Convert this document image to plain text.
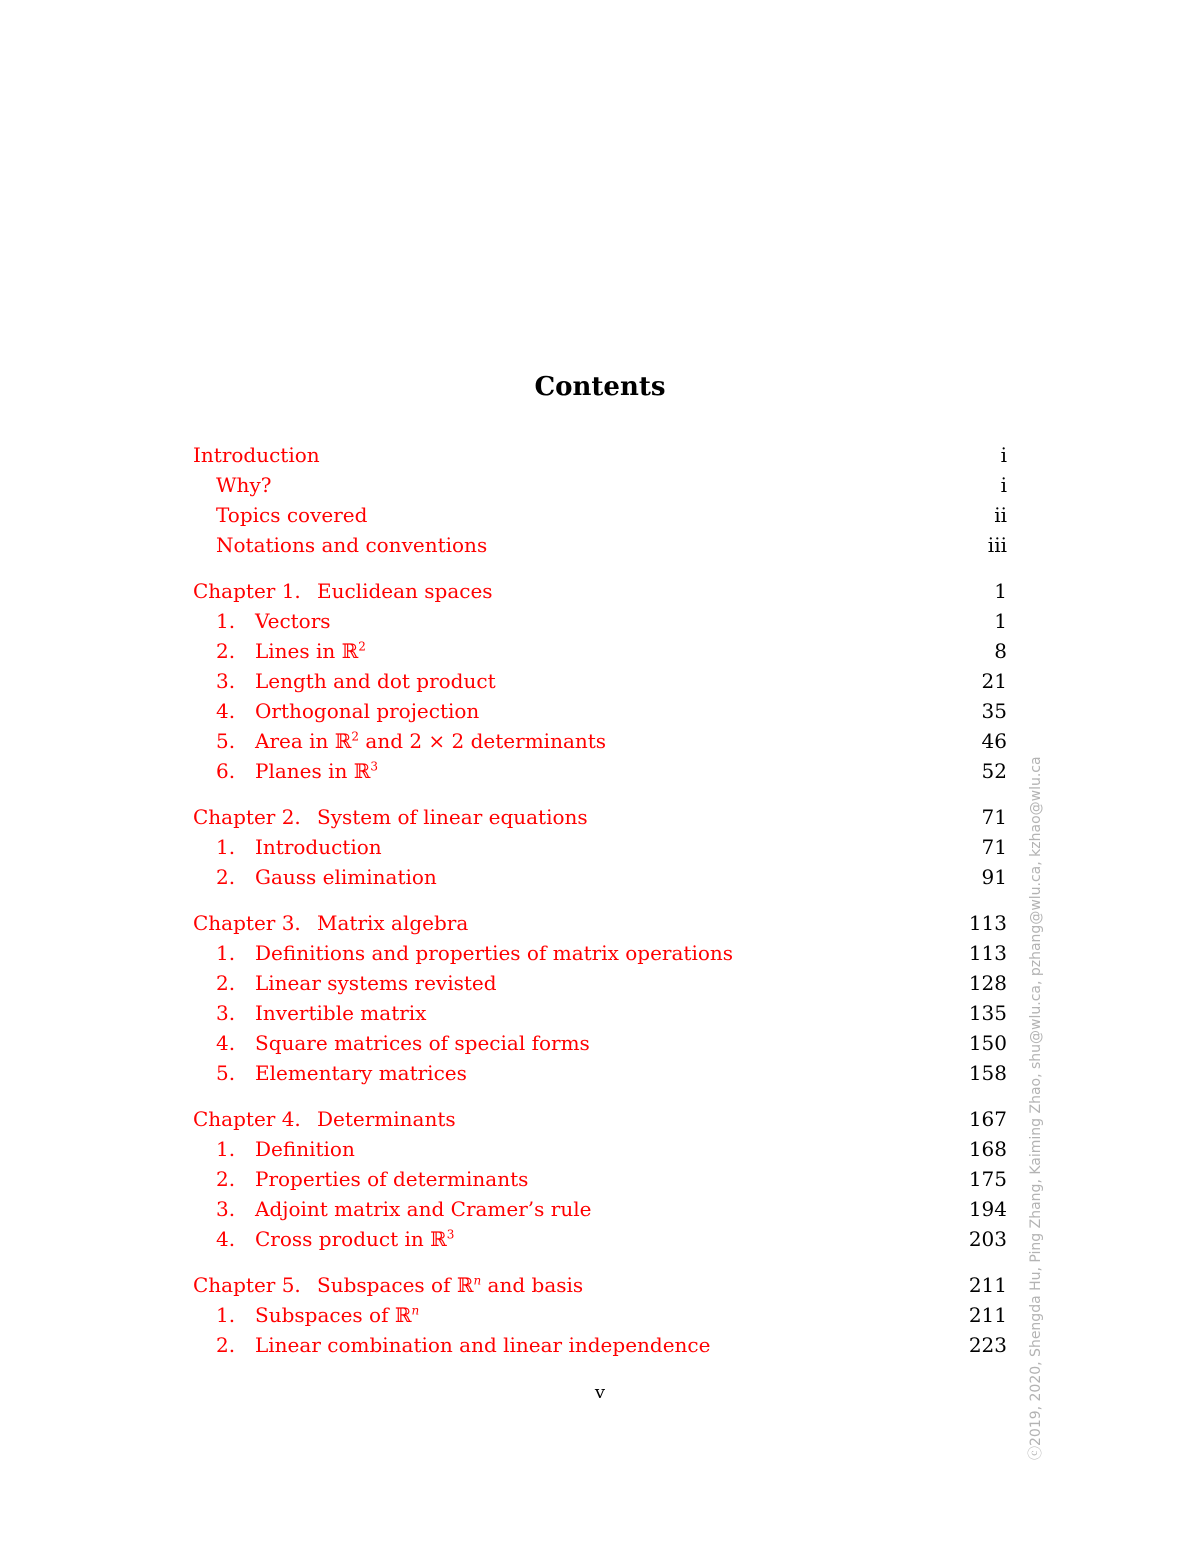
Contents
Introduction	i
Why?	i
Topics covered	ii
Notations and conventions	iii
Chapter 1. Euclidean spaces	1
1. Vectors	1
2. Lines in ℝ$^2$	8
3. Length and dot product	21
4. Orthogonal projection	35
5. Area in ℝ$^2$ and 2 × 2 determinants	46
6. Planes in ℝ$^3$	52
Chapter 2. System of linear equations	71
1. Introduction	71
2. Gauss elimination	91
Chapter 3. Matrix algebra	113
1. Definitions and properties of matrix operations	113
2. Linear systems revisted	128
3. Invertible matrix	135
4. Square matrices of special forms	150
5. Elementary matrices	158
Chapter 4. Determinants	167
1. Definition	168
2. Properties of determinants	175
3. Adjoint matrix and Cramer’s rule	194
4. Cross product in ℝ$^3$	203
Chapter 5. Subspaces of ℝ$^n$ and basis	211
1. Subspaces of ℝ$^n$	211
2. Linear combination and linear independence	223
v	ⓒ2019, 2020, Shengda Hu, Ping Zhang, Kaiming Zhao, shu@wlu.ca, pzhang@wlu.ca, kzhao@wlu.ca
